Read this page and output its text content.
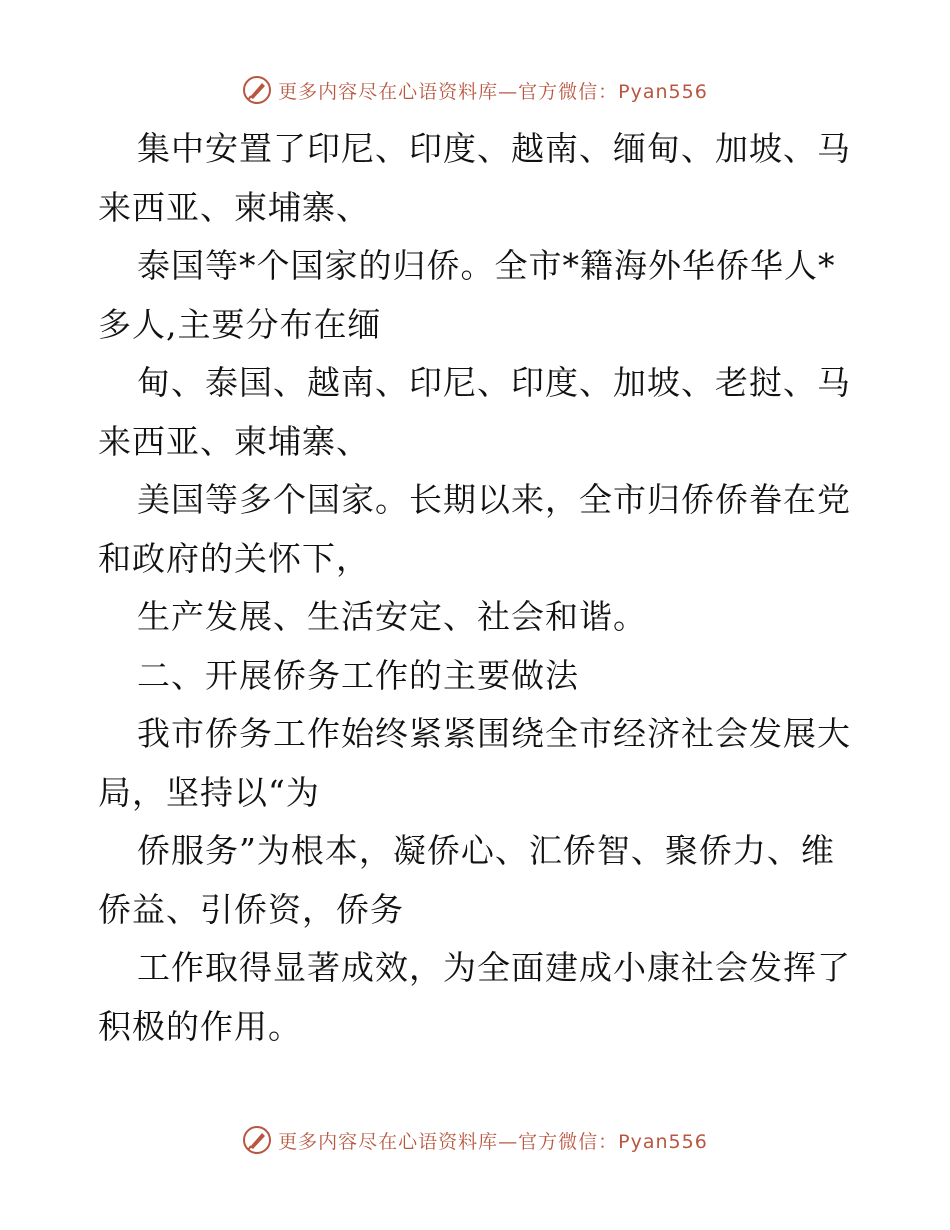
更多内容尽在心语资料库—官方微信：Pyan556
集中安置了印尼、印度、越南、缅甸、加坡、马
来西亚、柬埔寨、
泰国等*个国家的归侨。全市*籍海外华侨华人*
多人,主要分布在缅
甸、泰国、越南、印尼、印度、加坡、老挝、马
来西亚、柬埔寨、
美国等多个国家。长期以来，全市归侨侨眷在党
和政府的关怀下，
生产发展、生活安定、社会和谐。
二、开展侨务工作的主要做法
我市侨务工作始终紧紧围绕全市经济社会发展大
局，坚持以“为
侨服务”为根本，凝侨心、汇侨智、聚侨力、维
侨益、引侨资，侨务
工作取得显著成效，为全面建成小康社会发挥了
积极的作用。
更多内容尽在心语资料库—官方微信：Pyan556
